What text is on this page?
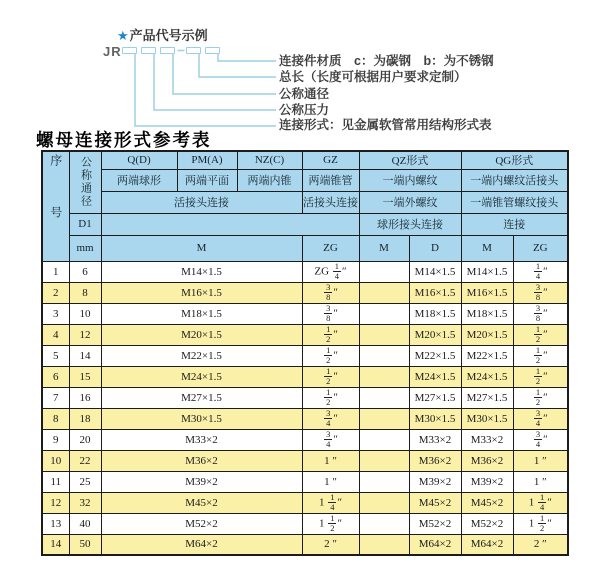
★产品代号示例
JR
连接件材质　c：为碳钢　b：为不锈钢
总长（长度可根据用户要求定制）
公称通径
公称压力
连接形式：见金属软管常用结构形式表
螺母连接形式参考表
序号	公称通径	Q(D)	PM(A)	NZ(C)	GZ	QZ形式		QG形式	
		两端球形	两端平面	两端内锥	两端锥管	一端内螺纹		一端内螺纹活接头	
		活接头连接			活接头连接	一端外螺纹		一端锥管螺纹接头	
	D1					球形接头连接		连接	
	mm	M			ZG	M	D	M	ZG
1	6	M14×1.5			ZG $\frac{1}{4}$ ″		M14×1.5	M14×1.5	$\frac{1}{4}$ ″
2	8	M16×1.5			$\frac{3}{8}$ ″		M16×1.5	M16×1.5	$\frac{3}{8}$ ″
3	10	M18×1.5			$\frac{3}{8}$ ″		M18×1.5	M18×1.5	$\frac{3}{8}$ ″
4	12	M20×1.5			$\frac{1}{2}$ ″		M20×1.5	M20×1.5	$\frac{1}{2}$ ″
5	14	M22×1.5			$\frac{1}{2}$ ″		M22×1.5	M22×1.5	$\frac{1}{2}$ ″
6	15	M24×1.5			$\frac{1}{2}$ ″		M24×1.5	M24×1.5	$\frac{1}{2}$ ″
7	16	M27×1.5			$\frac{1}{2}$ ″		M27×1.5	M27×1.5	$\frac{1}{2}$ ″
8	18	M30×1.5			$\frac{3}{4}$ ″		M30×1.5	M30×1.5	$\frac{3}{4}$ ″
9	20	M33×2			$\frac{3}{4}$ ″		M33×2	M33×2	$\frac{3}{4}$ ″
10	22	M36×2			1 ″		M36×2	M36×2	1 ″
11	25	M39×2			1 ″		M39×2	M39×2	1 ″
12	32	M45×2			$1 \frac{1}{4}$ ″		M45×2	M45×2	$1 \frac{1}{4}$ ″
13	40	M52×2			$1 \frac{1}{2}$ ″		M52×2	M52×2	$1 \frac{1}{2}$ ″
14	50	M64×2			2 ″		M64×2	M64×2	2 ″
